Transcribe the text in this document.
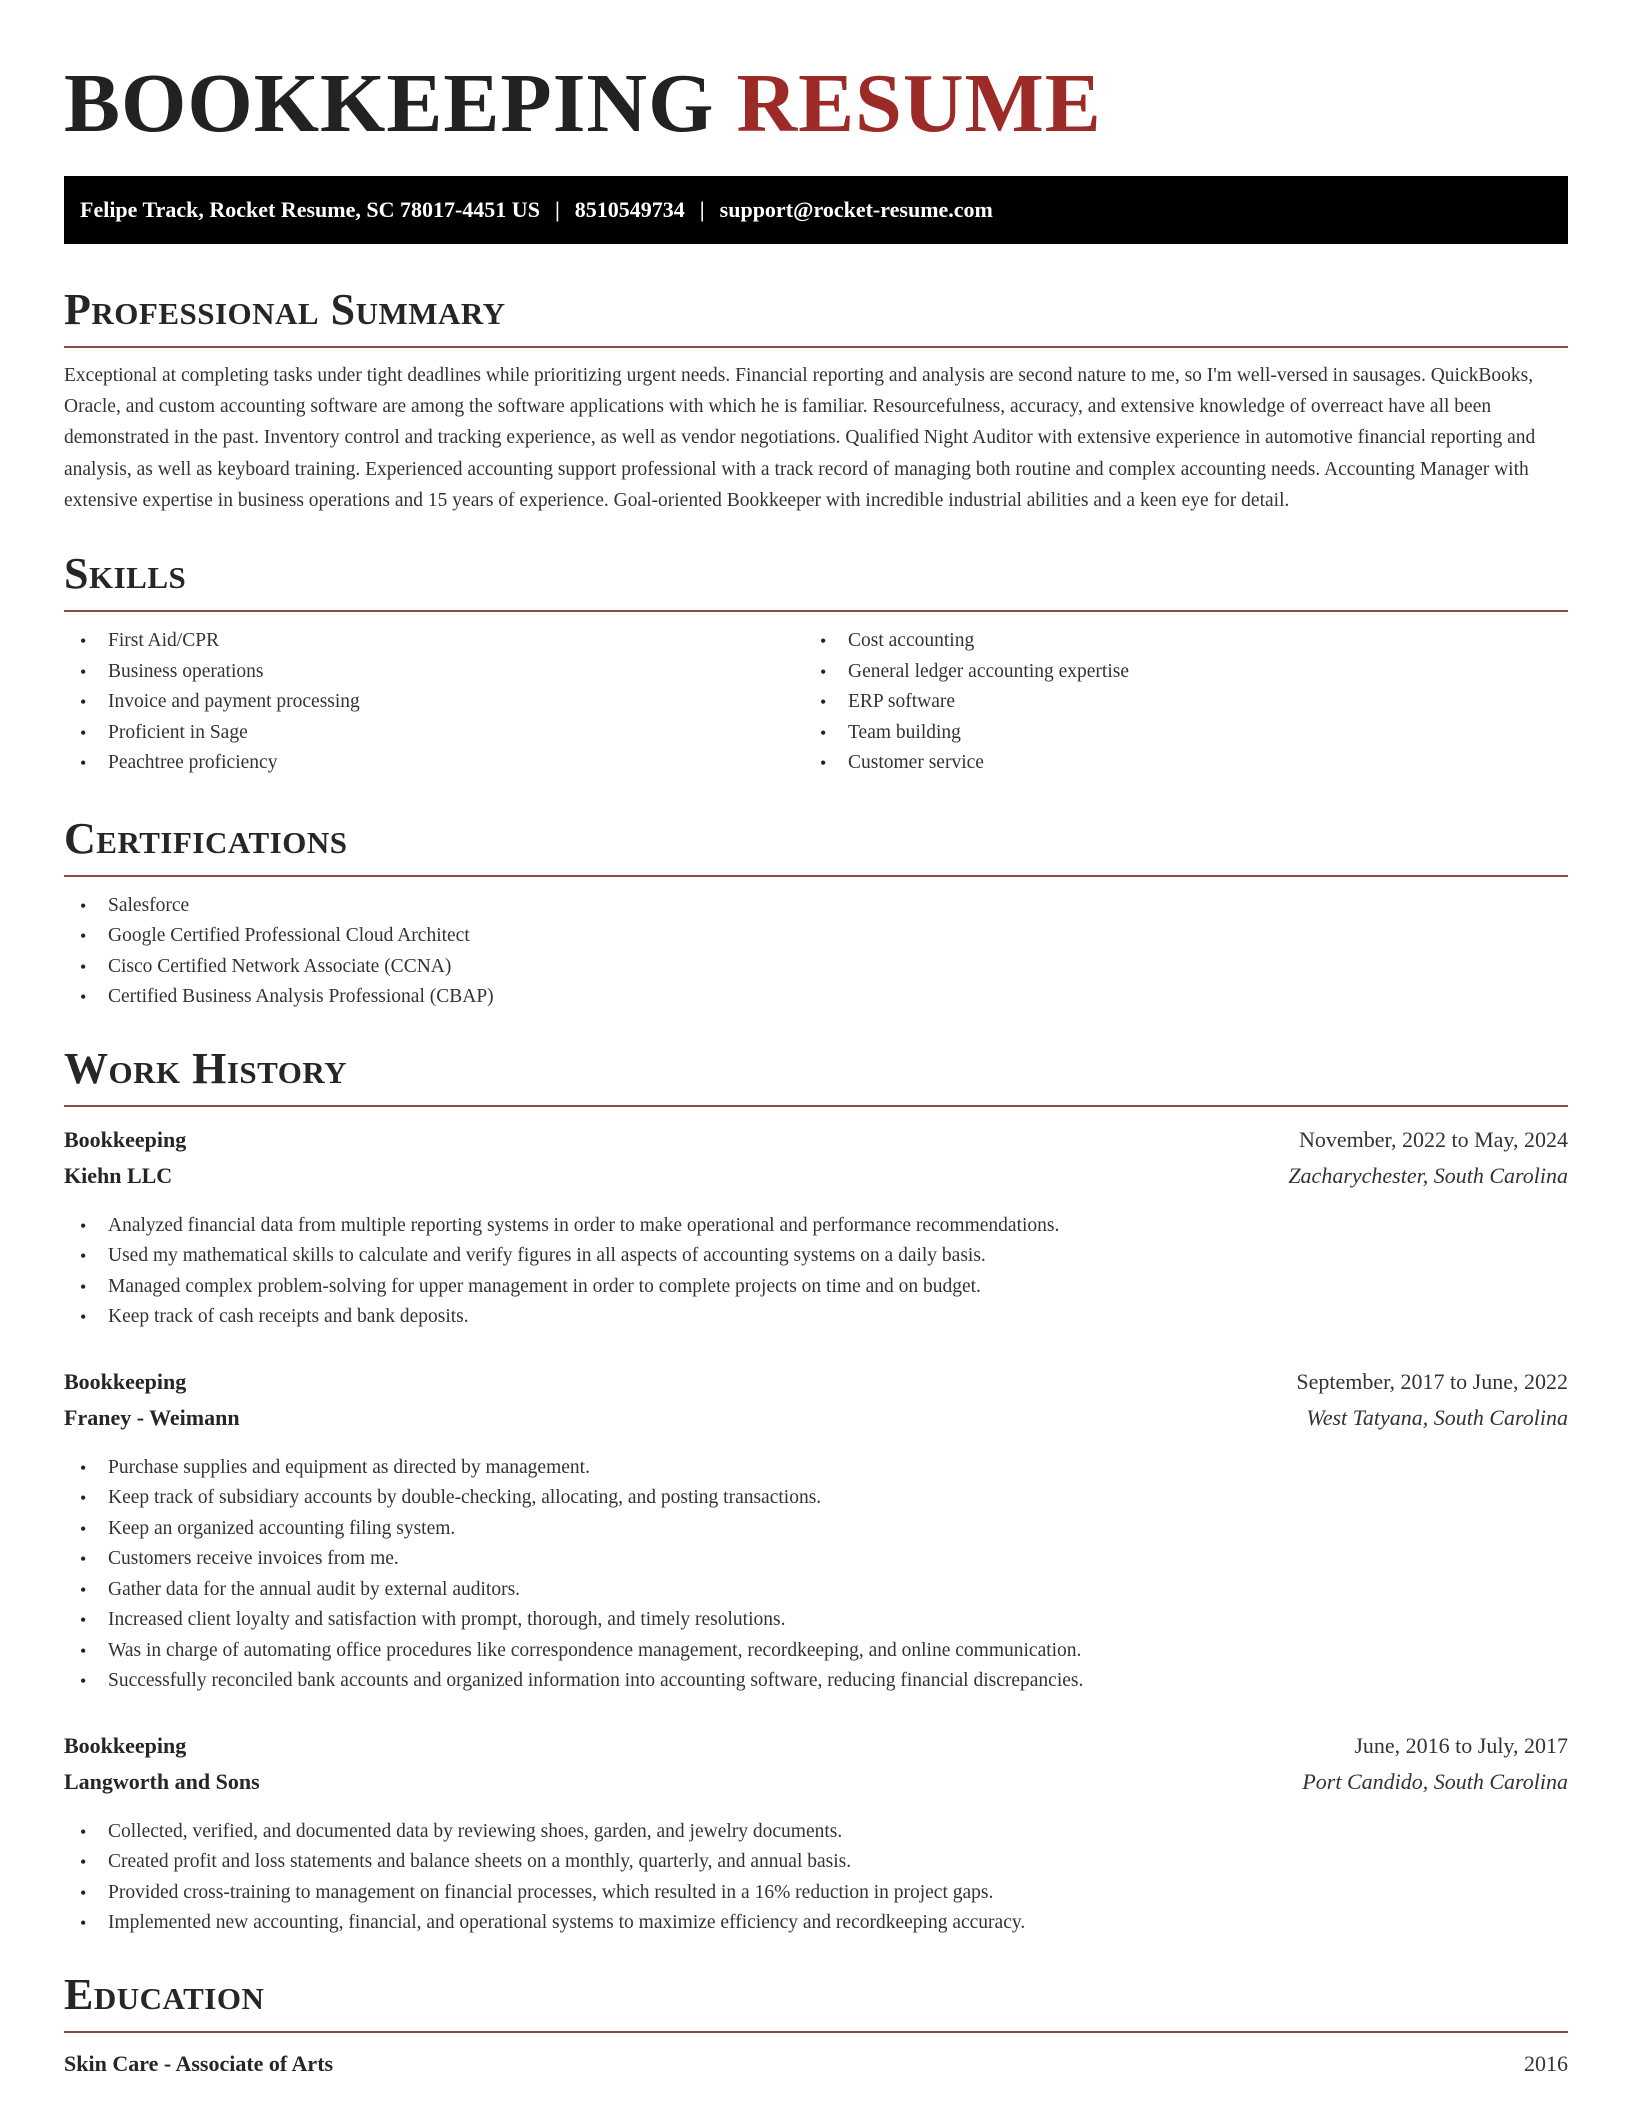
BOOKKEEPING RESUME
Felipe Track, Rocket Resume, SC 78017-4451 US | 8510549734 | support@rocket-resume.com
Professional Summary

Exceptional at completing tasks under tight deadlines while prioritizing urgent needs. Financial reporting and analysis are second nature to me, so I'm well-versed in sausages. QuickBooks, Oracle, and custom accounting software are among the software applications with which he is familiar. Resourcefulness, accuracy, and extensive knowledge of overreact have all been demonstrated in the past. Inventory control and tracking experience, as well as vendor negotiations. Qualified Night Auditor with extensive experience in automotive financial reporting and analysis, as well as keyboard training. Experienced accounting support professional with a track record of managing both routine and complex accounting needs. Accounting Manager with extensive expertise in business operations and 15 years of experience. Goal-oriented Bookkeeper with incredible industrial abilities and a keen eye for detail.

Skills
• First Aid/CPR
• Business operations
• Invoice and payment processing
• Proficient in Sage
• Peachtree proficiency
• Cost accounting
• General ledger accounting expertise
• ERP software
• Team building
• Customer service
Certifications
• Salesforce
• Google Certified Professional Cloud Architect
• Cisco Certified Network Associate (CCNA)
• Certified Business Analysis Professional (CBAP)
Work History
Bookkeeping	November, 2022 to May, 2024
Kiehn LLC	Zacharychester, South Carolina
• Analyzed financial data from multiple reporting systems in order to make operational and performance recommendations.
• Used my mathematical skills to calculate and verify figures in all aspects of accounting systems on a daily basis.
• Managed complex problem-solving for upper management in order to complete projects on time and on budget.
• Keep track of cash receipts and bank deposits.
Bookkeeping	September, 2017 to June, 2022
Franey - Weimann	West Tatyana, South Carolina
• Purchase supplies and equipment as directed by management.
• Keep track of subsidiary accounts by double-checking, allocating, and posting transactions.
• Keep an organized accounting filing system.
• Customers receive invoices from me.
• Gather data for the annual audit by external auditors.
• Increased client loyalty and satisfaction with prompt, thorough, and timely resolutions.
• Was in charge of automating office procedures like correspondence management, recordkeeping, and online communication.
• Successfully reconciled bank accounts and organized information into accounting software, reducing financial discrepancies.
Bookkeeping	June, 2016 to July, 2017
Langworth and Sons	Port Candido, South Carolina
• Collected, verified, and documented data by reviewing shoes, garden, and jewelry documents.
• Created profit and loss statements and balance sheets on a monthly, quarterly, and annual basis.
• Provided cross-training to management on financial processes, which resulted in a 16% reduction in project gaps.
• Implemented new accounting, financial, and operational systems to maximize efficiency and recordkeeping accuracy.
Education
Skin Care - Associate of Arts	2016
